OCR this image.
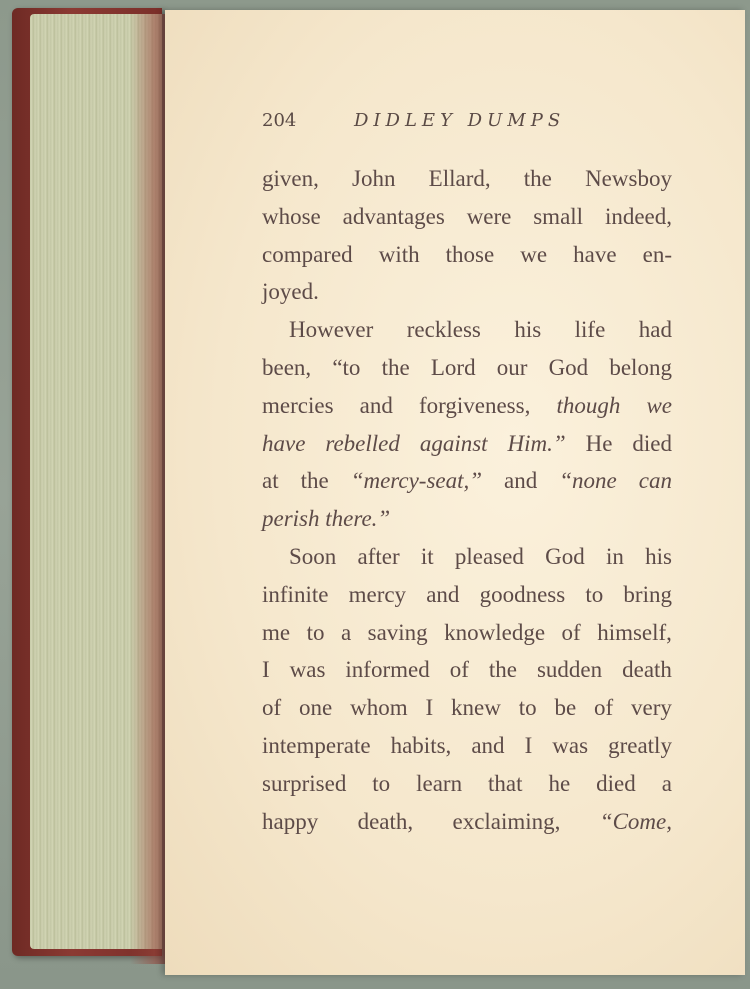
204	DIDLEY DUMPS
given, John Ellard, the Newsboy
whose advantages were small indeed,
compared with those we have en-
joyed.
However reckless his life had
been, “to the Lord our God belong
mercies and forgiveness, though we
have rebelled against Him.” He died
at the “mercy-seat,” and “none can
perish
there.”
Soon after it pleased God in his
infinite mercy and goodness to bring
me to a saving knowledge of himself,
I was informed of the sudden death
of one whom I knew to be of very
intemperate habits, and I was greatly
surprised to learn that he died a
happy death, exclaiming, “Come,
